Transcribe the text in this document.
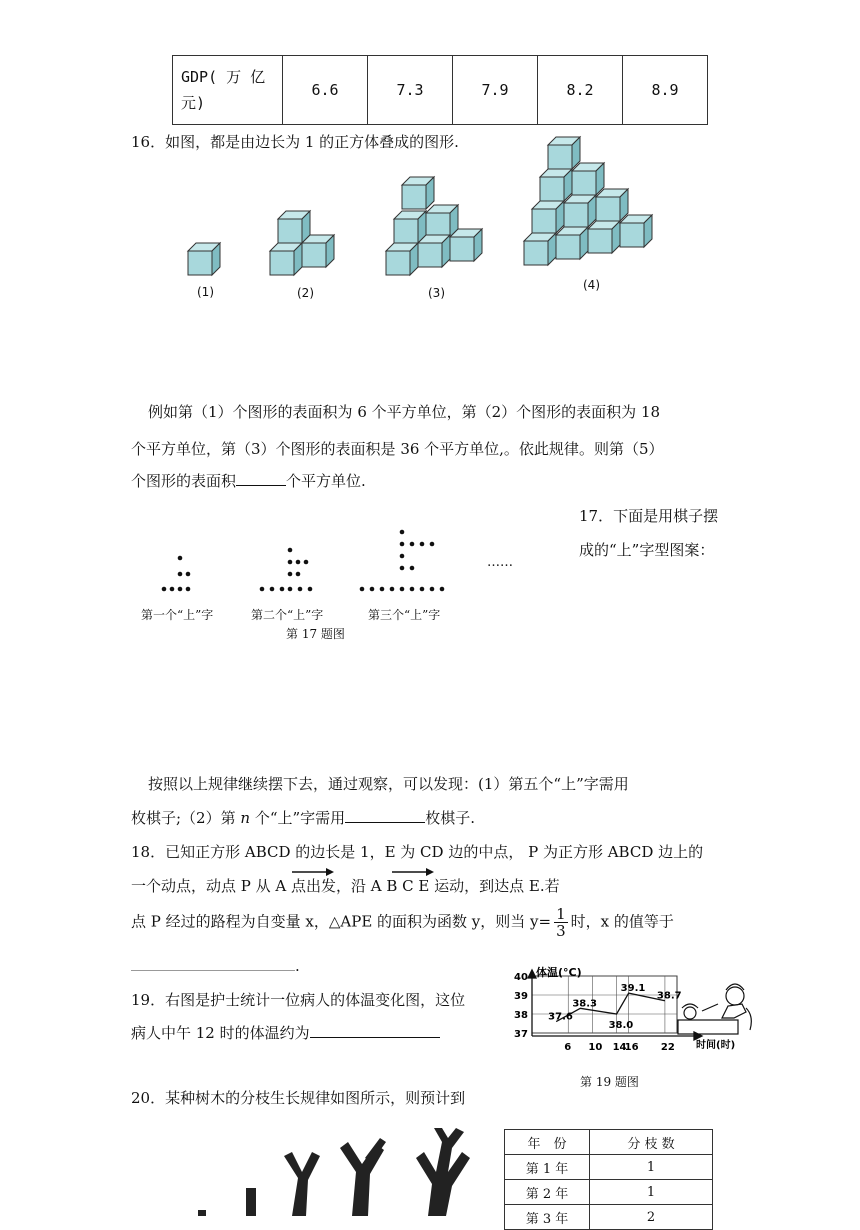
GDP( 万 亿 元)	6.6	7.3	7.9	8.2	8.9
16．如图，都是由边长为 1 的正方体叠成的图形.
(1)	(2)	(3)
(4)
例如第（1）个图形的表面积为 6 个平方单位，第（2）个图形的表面积为 18
个平方单位，第（3）个图形的表面积是 36 个平方单位,。依此规律。则第（5）
个图形的表面积	个平方单位.
17．下面是用棋子摆
成的“上”字型图案：
……
第一个“上”字	第二个“上”字	第三个“上”字
第 17 题图
按照以上规律继续摆下去，通过观察，可以发现：(1）第五个“上”字需用
枚棋子;（2）第 n 个“上”字需用	枚棋子.
18．已知正方形 ABCD 的边长是 1，E 为 CD 边的中点， P 为正方形 ABCD 边上的
一个动点，动点 P 从 A 点出发，沿 A B C E 运动，到达点 E.若
点 P 经过的路程为自变量 x，△APE 的面积为函数 y，则当 $y= \frac{1}{3}$ 时，x 的值等于
.
19．右图是护士统计一位病人的体温变化图，这位
病人中午 12 时的体温约为
体温(°C)
时间(时)
40
39
38
37
6 10 14
16 22
37.6
38.3
38.0
39.1
38.7
第 19 题图
20．某种树木的分枝生长规律如图所示，则预计到
年　份	分 枝 数
第 1 年	1
第 2 年	1
第 3 年	2
